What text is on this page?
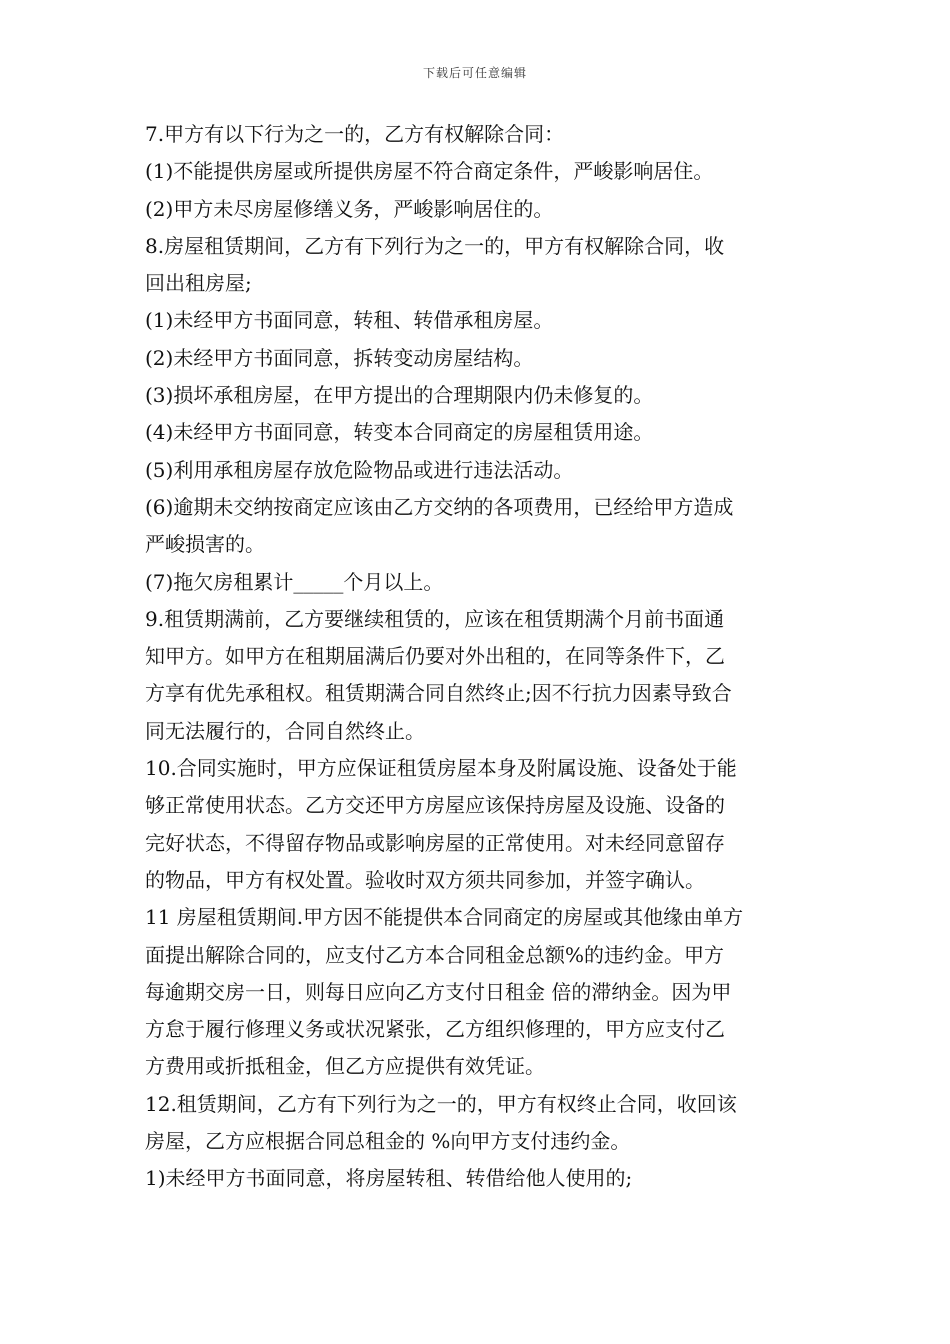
下载后可任意编辑

7.甲方有以下行为之一的，乙方有权解除合同：

(1)不能提供房屋或所提供房屋不符合商定条件，严峻影响居住。

(2)甲方未尽房屋修缮义务，严峻影响居住的。

8.房屋租赁期间，乙方有下列行为之一的，甲方有权解除合同，收

回出租房屋;

(1)未经甲方书面同意，转租、转借承租房屋。

(2)未经甲方书面同意，拆转变动房屋结构。

(3)损坏承租房屋，在甲方提出的合理期限内仍未修复的。

(4)未经甲方书面同意，转变本合同商定的房屋租赁用途。

(5)利用承租房屋存放危险物品或进行违法活动。

(6)逾期未交纳按商定应该由乙方交纳的各项费用，已经给甲方造成

严峻损害的。

(7)拖欠房租累计_____个月以上。

9.租赁期满前，乙方要继续租赁的，应该在租赁期满个月前书面通

知甲方。如甲方在租期届满后仍要对外出租的，在同等条件下，乙

方享有优先承租权。租赁期满合同自然终止;因不行抗力因素导致合

同无法履行的，合同自然终止。

10.合同实施时，甲方应保证租赁房屋本身及附属设施、设备处于能

够正常使用状态。乙方交还甲方房屋应该保持房屋及设施、设备的

完好状态，不得留存物品或影响房屋的正常使用。对未经同意留存

的物品，甲方有权处置。验收时双方须共同参加，并签字确认。

11 房屋租赁期间.甲方因不能提供本合同商定的房屋或其他缘由单方

面提出解除合同的，应支付乙方本合同租金总额%的违约金。甲方

每逾期交房一日，则每日应向乙方支付日租金 倍的滞纳金。因为甲

方怠于履行修理义务或状况紧张，乙方组织修理的，甲方应支付乙

方费用或折抵租金，但乙方应提供有效凭证。

12.租赁期间，乙方有下列行为之一的，甲方有权终止合同，收回该

房屋，乙方应根据合同总租金的 %向甲方支付违约金。

1)未经甲方书面同意，将房屋转租、转借给他人使用的;
